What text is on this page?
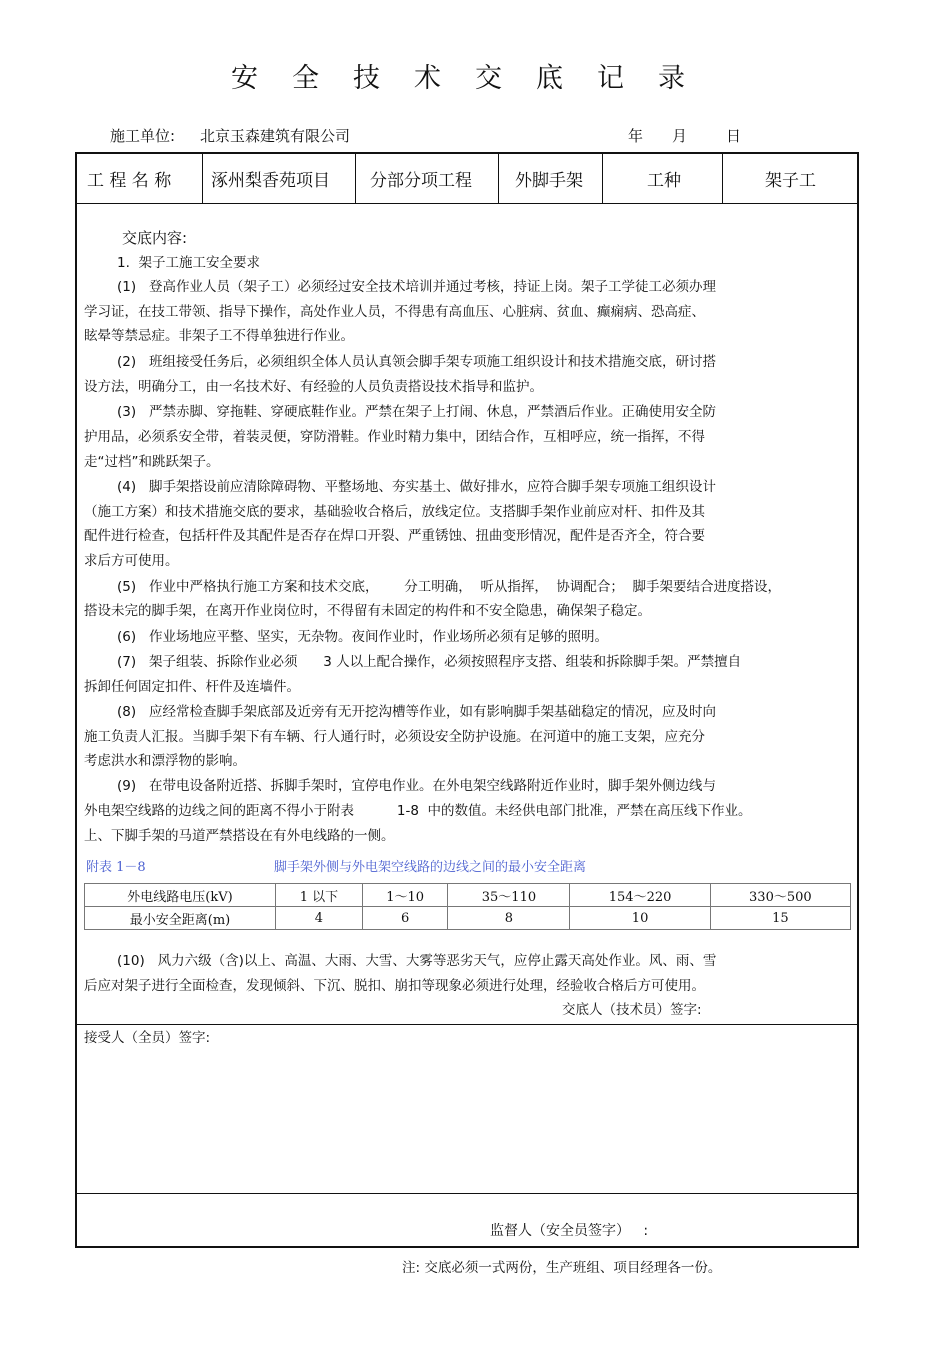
安全技术交底记录
施工单位: 北京玉森建筑有限公司	年 月	日
工 程 名 称	涿州梨香苑项目	分部分项工程	外脚手架	工种	架子工
交底内容:
1.  架子工施工安全要求
(1)   登高作业人员（架子工）必须经过安全技术培训并通过考核，持证上岗。架子工学徒工必须办理
学习证，在技工带领、指导下操作，高处作业人员，不得患有高血压、心脏病、贫血、癫痫病、恐高症、
眩晕等禁忌症。非架子工不得单独进行作业。
(2)   班组接受任务后，必须组织全体人员认真领会脚手架专项施工组织设计和技术措施交底，研讨搭
设方法，明确分工，由一名技术好、有经验的人员负责搭设技术指导和监护。
(3)   严禁赤脚、穿拖鞋、穿硬底鞋作业。严禁在架子上打闹、休息，严禁酒后作业。正确使用安全防
护用品，必须系安全带，着装灵便，穿防滑鞋。作业时精力集中，团结合作，互相呼应，统一指挥，不得
走“过档”和跳跃架子。
(4)   脚手架搭设前应清除障碍物、平整场地、夯实基土、做好排水，应符合脚手架专项施工组织设计
（施工方案）和技术措施交底的要求，基础验收合格后，放线定位。支搭脚手架作业前应对杆、扣件及其
配件进行检查，包括杆件及其配件是否存在焊口开裂、严重锈蚀、扭曲变形情况，配件是否齐全，符合要
求后方可使用。
(5)   作业中严格执行施工方案和技术交底，      分工明确，  听从指挥，  协调配合；  脚手架要结合进度搭设，
搭设未完的脚手架，在离开作业岗位时，不得留有未固定的构件和不安全隐患，确保架子稳定。
(6)   作业场地应平整、坚实，无杂物。夜间作业时，作业场所必须有足够的照明。
(7)   架子组装、拆除作业必须      3 人以上配合操作，必须按照程序支搭、组装和拆除脚手架。严禁擅自
拆卸任何固定扣件、杆件及连墙件。
(8)   应经常检查脚手架底部及近旁有无开挖沟槽等作业，如有影响脚手架基础稳定的情况，应及时向
施工负责人汇报。当脚手架下有车辆、行人通行时，必须设安全防护设施。在河道中的施工支架，应充分
考虑洪水和漂浮物的影响。
(9)   在带电设备附近搭、拆脚手架时，宜停电作业。在外电架空线路附近作业时，脚手架外侧边线与
外电架空线路的边线之间的距离不得小于附表          1-8  中的数值。未经供电部门批准，严禁在高压线下作业。
上、下脚手架的马道严禁搭设在有外电线路的一侧。
附表 1－8	脚手架外侧与外电架空线路的边线之间的最小安全距离
外电线路电压(kV)	1 以下	1～10	35～110	154～220	330～500
最小安全距离(m)	4	6	8	10	15
(10)   风力六级（含)以上、高温、大雨、大雪、大雾等恶劣天气，应停止露天高处作业。风、雨、雪
后应对架子进行全面检查，发现倾斜、下沉、脱扣、崩扣等现象必须进行处理，经验收合格后方可使用。
交底人（技术员）签字:
接受人（全员）签字:
监督人（安全员签字）   :
注: 交底必须一式两份，生产班组、项目经理各一份。
